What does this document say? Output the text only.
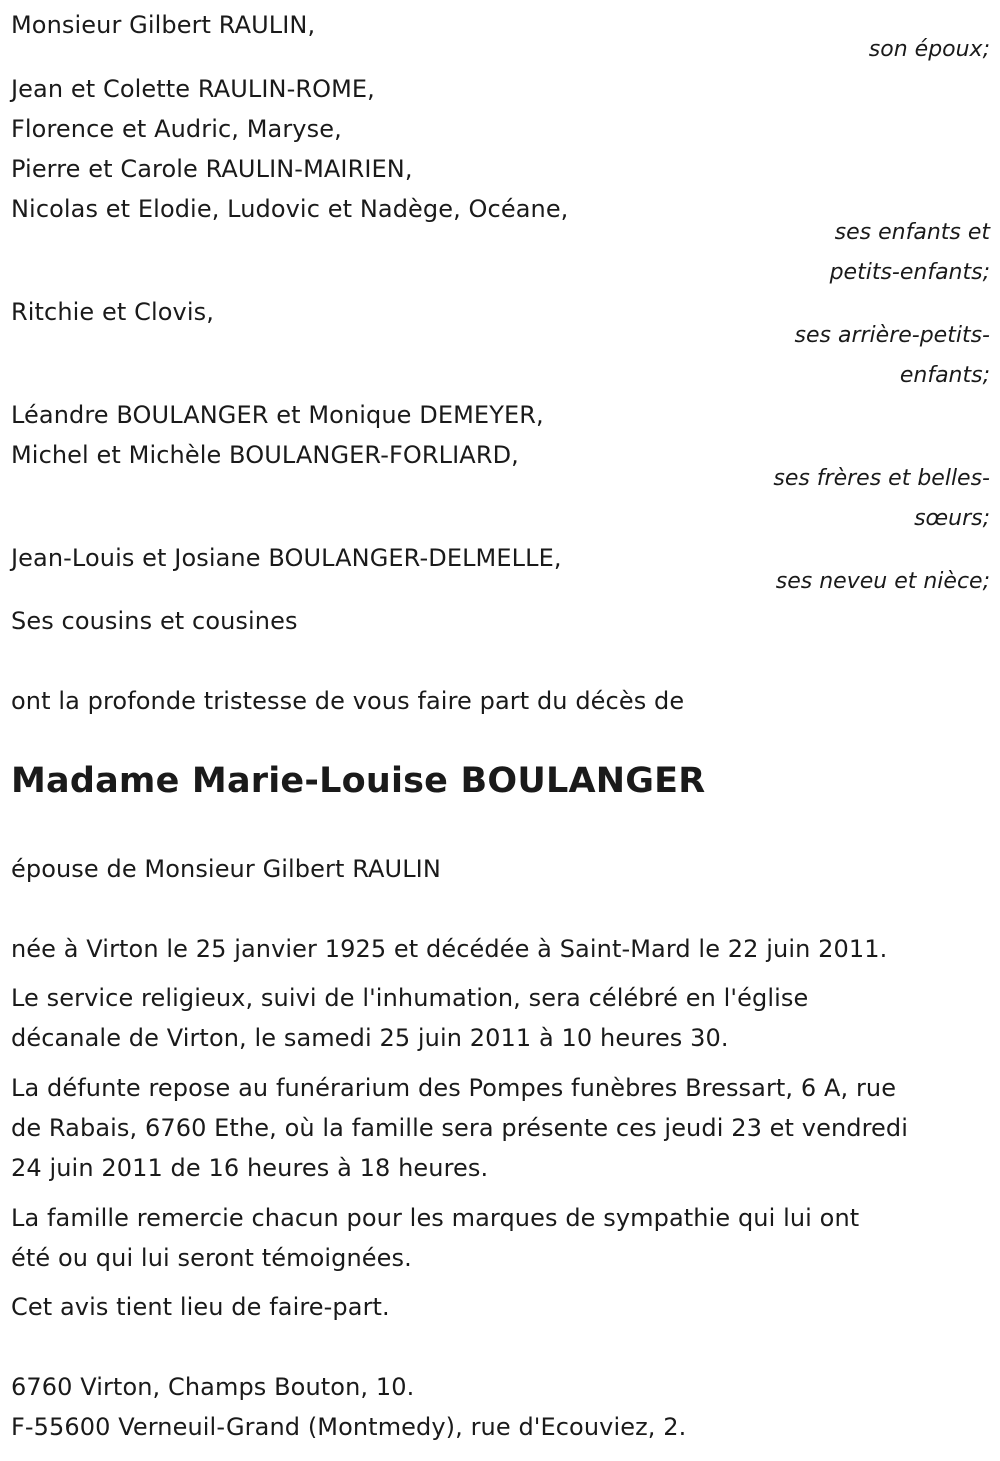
Monsieur Gilbert RAULIN,
son époux;
Jean et Colette RAULIN-ROME,
Florence et Audric, Maryse,
Pierre et Carole RAULIN-MAIRIEN,
Nicolas et Elodie, Ludovic et Nadège, Océane,
ses enfants et
petits-enfants;
Ritchie et Clovis,
ses arrière-petits-
enfants;
Léandre BOULANGER et Monique DEMEYER,
Michel et Michèle BOULANGER-FORLIARD,
ses frères et belles-
sœurs;
Jean-Louis et Josiane BOULANGER-DELMELLE,
ses neveu et nièce;
Ses cousins et cousines
ont la profonde tristesse de vous faire part du décès de
Madame Marie-Louise BOULANGER
épouse de Monsieur Gilbert RAULIN
née à Virton le 25 janvier 1925 et décédée à Saint-Mard le 22 juin 2011.
Le service religieux, suivi de l'inhumation, sera célébré en l'église
décanale de Virton, le samedi 25 juin 2011 à 10 heures 30.
La défunte repose au funérarium des Pompes funèbres Bressart, 6 A, rue
de Rabais, 6760 Ethe, où la famille sera présente ces jeudi 23 et vendredi
24 juin 2011 de 16 heures à 18 heures.
La famille remercie chacun pour les marques de sympathie qui lui ont
été ou qui lui seront témoignées.
Cet avis tient lieu de faire-part.
6760 Virton, Champs Bouton, 10.
F-55600 Verneuil-Grand (Montmedy), rue d'Ecouviez, 2.
